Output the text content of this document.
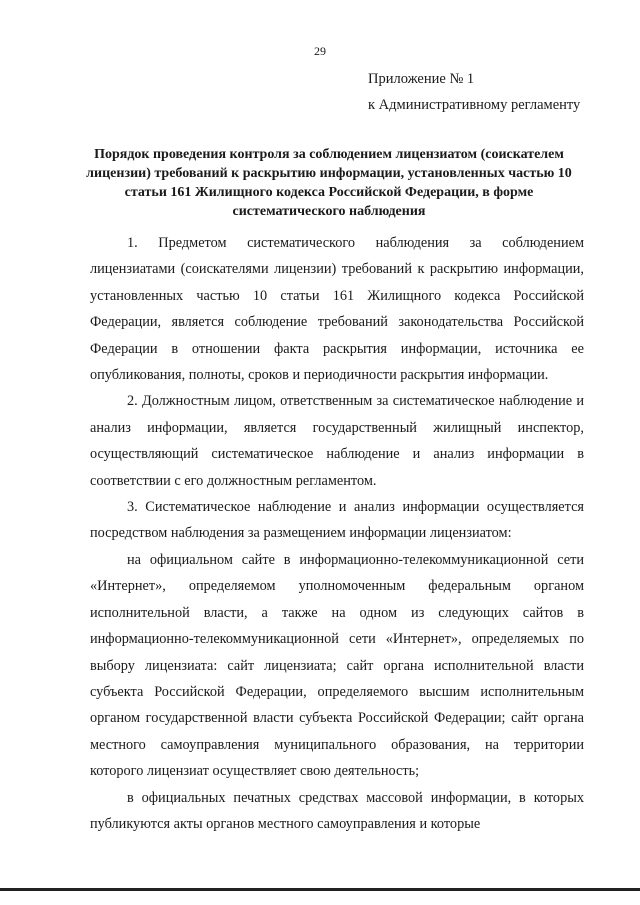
29
Приложение № 1
к Административному регламенту
Порядок проведения контроля за соблюдением лицензиатом (соискателем лицензии) требований к раскрытию информации, установленных частью 10 статьи 161 Жилищного кодекса Российской Федерации, в форме систематического наблюдения

1. Предметом систематического наблюдения за соблюдением лицензиатами (соискателями лицензии) требований к раскрытию информации, установленных частью 10 статьи 161 Жилищного кодекса Российской Федерации, является соблюдение требований законодательства Российской Федерации в отношении факта раскрытия информации, источника ее опубликования, полноты, сроков и периодичности раскрытия информации.

2. Должностным лицом, ответственным за систематическое наблюдение и анализ информации, является государственный жилищный инспектор, осуществляющий систематическое наблюдение и анализ информации в соответствии с его должностным регламентом.

3. Систематическое наблюдение и анализ информации осуществляется посредством наблюдения за размещением информации лицензиатом:

на официальном сайте в информационно-телекоммуникационной сети «Интернет», определяемом уполномоченным федеральным органом исполнительной власти, а также на одном из следующих сайтов в информационно-телекоммуникационной сети «Интернет», определяемых по выбору лицензиата: сайт лицензиата; сайт органа исполнительной власти субъекта Российской Федерации, определяемого высшим исполнительным органом государственной власти субъекта Российской Федерации; сайт органа местного самоуправления муниципального образования, на территории которого лицензиат осуществляет свою деятельность;

в официальных печатных средствах массовой информации, в которых публикуются акты органов местного самоуправления и которые
